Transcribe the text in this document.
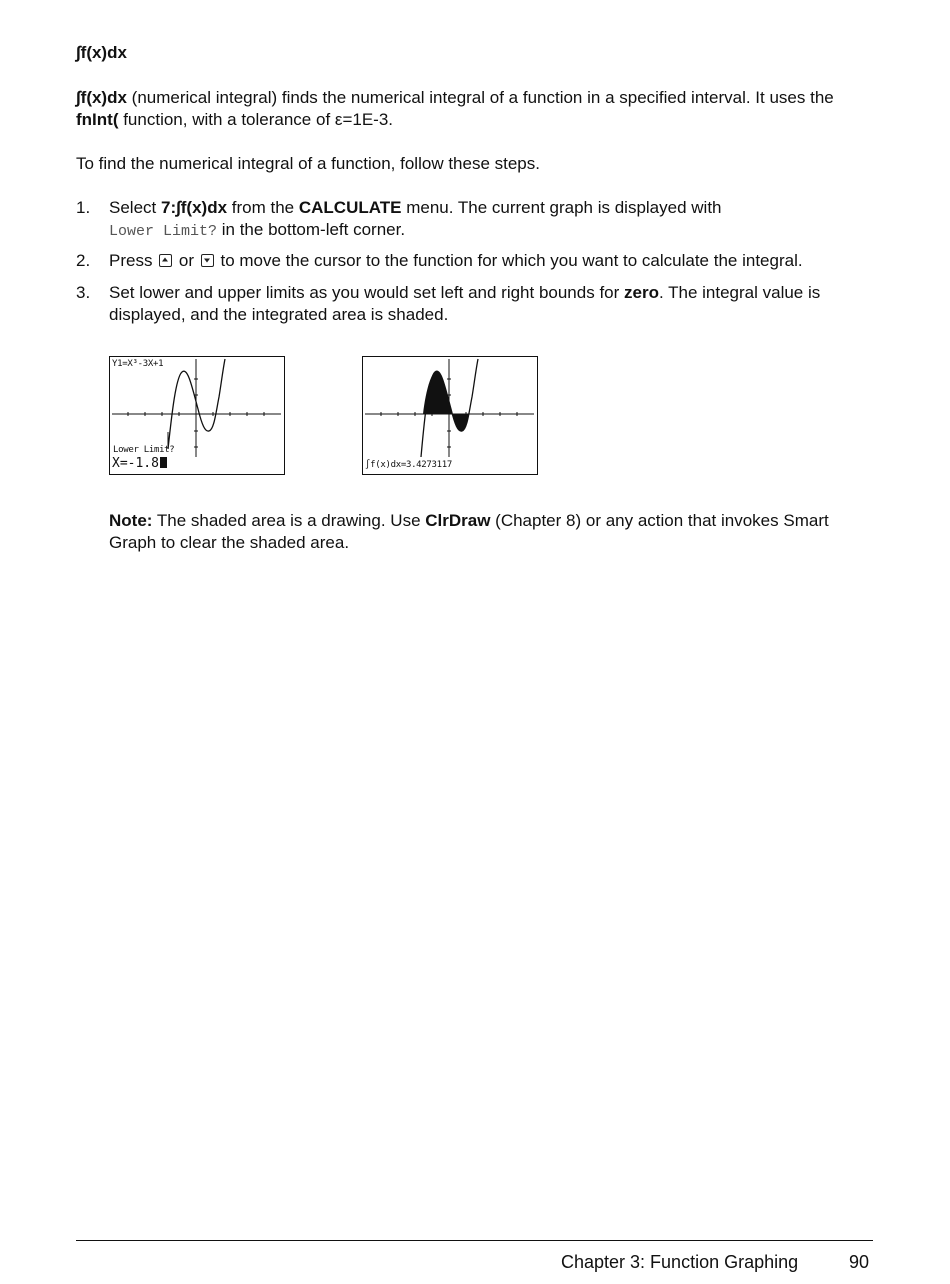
∫f(x)dx
∫f(x)dx (numerical integral) finds the numerical integral of a function in a specified interval. It uses the fnInt( function, with a tolerance of ε=1E-3.
To find the numerical integral of a function, follow these steps.
1. Select 7:∫f(x)dx from the CALCULATE menu. The current graph is displayed with
Lower Limit? in the bottom-left corner.
2. Press
or
to move the cursor to the function for which you want to calculate the integral.
3. Set lower and upper limits as you would set left and right bounds for zero. The integral value is displayed, and the integrated area is shaded.
Y1=X³-3X+1
Lower Limit?
X=-1.8	∫f(x)dx=3.4273117
Note: The shaded area is a drawing. Use ClrDraw (Chapter 8) or any action that invokes Smart Graph to clear the shaded area.
Chapter 3: Function Graphing	90
